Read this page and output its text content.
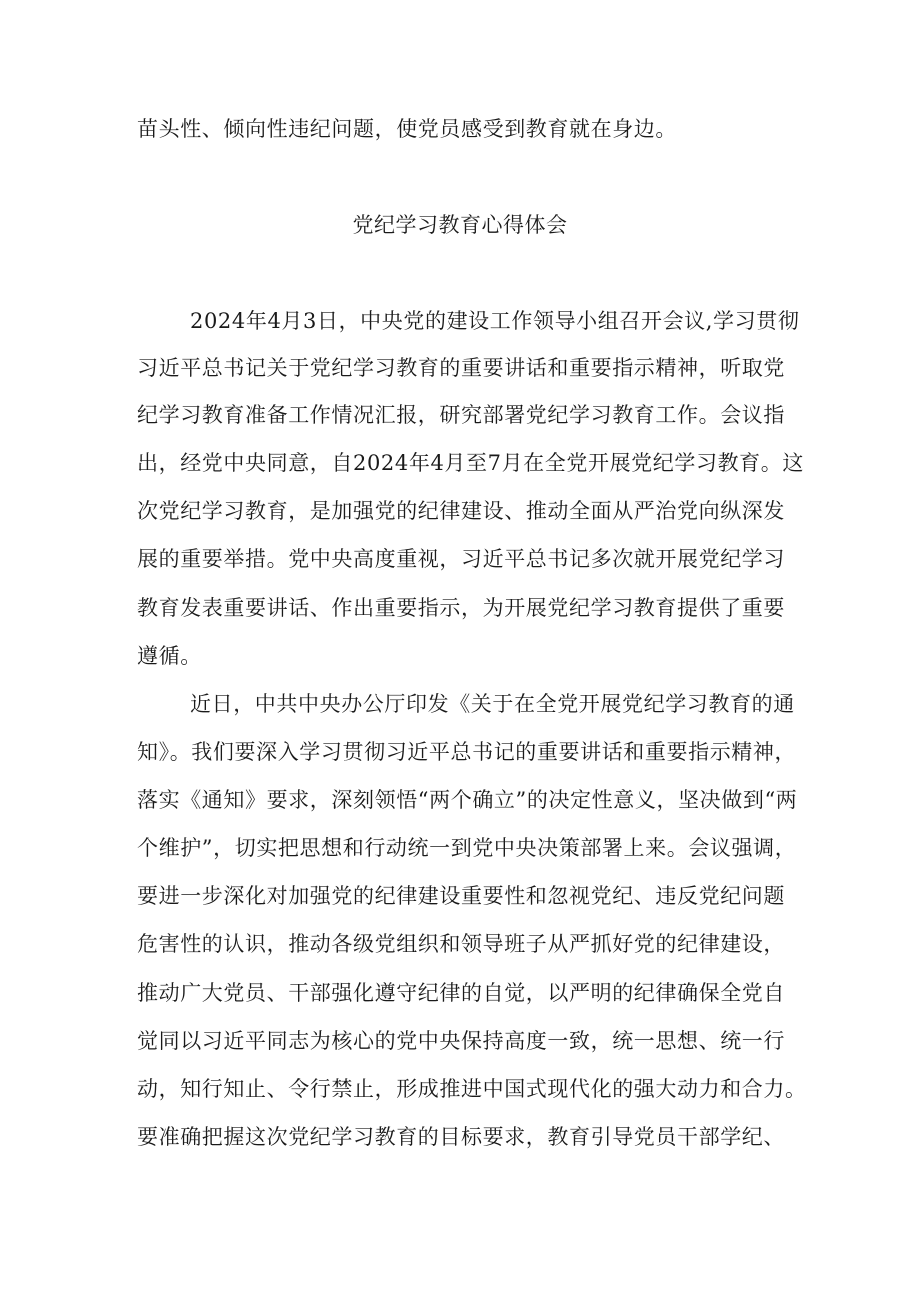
苗头性、倾向性违纪问题，使党员感受到教育就在身边。
党纪学习教育心得体会
2024年4月3日，中央党的建设工作领导小组召开会议,学习贯彻
习近平总书记关于党纪学习教育的重要讲话和重要指示精神，听取党
纪学习教育准备工作情况汇报，研究部署党纪学习教育工作。会议指
出，经党中央同意，自2024年4月至7月在全党开展党纪学习教育。这
次党纪学习教育，是加强党的纪律建设、推动全面从严治党向纵深发
展的重要举措。党中央高度重视，习近平总书记多次就开展党纪学习
教育发表重要讲话、作出重要指示，为开展党纪学习教育提供了重要
遵循。
近日，中共中央办公厅印发《关于在全党开展党纪学习教育的通
知》。我们要深入学习贯彻习近平总书记的重要讲话和重要指示精神，
落实《通知》要求，深刻领悟“两个确立”的决定性意义，坚决做到“两
个维护”，切实把思想和行动统一到党中央决策部署上来。会议强调，
要进一步深化对加强党的纪律建设重要性和忽视党纪、违反党纪问题
危害性的认识，推动各级党组织和领导班子从严抓好党的纪律建设，
推动广大党员、干部强化遵守纪律的自觉，以严明的纪律确保全党自
觉同以习近平同志为核心的党中央保持高度一致，统一思想、统一行
动，知行知止、令行禁止，形成推进中国式现代化的强大动力和合力。
要准确把握这次党纪学习教育的目标要求，教育引导党员干部学纪、
